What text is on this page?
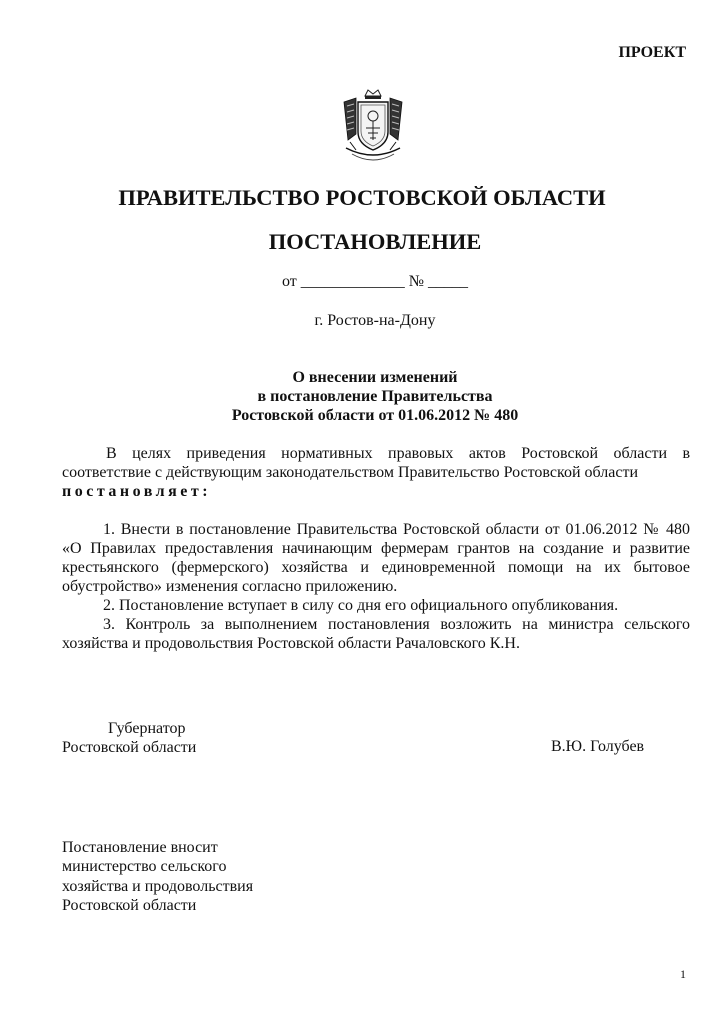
ПРОЕКТ
ПРАВИТЕЛЬСТВО РОСТОВСКОЙ ОБЛАСТИ
ПОСТАНОВЛЕНИЕ
от _____________ № _____
г. Ростов-на-Дону
О внесении изменений
в постановление Правительства
Ростовской области от 01.06.2012 № 480
В целях приведения нормативных правовых актов Ростовской области в соответствие с действующим законодательством Правительство Ростовской области
постановляет:
1. Внести в постановление Правительства Ростовской области от 01.06.2012 № 480 «О Правилах предоставления начинающим фермерам грантов на создание и развитие крестьянского (фермерского) хозяйства и единовременной помощи на их бытовое обустройство» изменения согласно приложению.
2. Постановление вступает в силу со дня его официального опубликования.
3. Контроль за выполнением постановления возложить на министра сельского хозяйства и продовольствия Ростовской области Рачаловского К.Н.
Губернатор
Ростовской области	В.Ю. Голубев
Постановление вносит
министерство сельского
хозяйства и продовольствия
Ростовской области
1
